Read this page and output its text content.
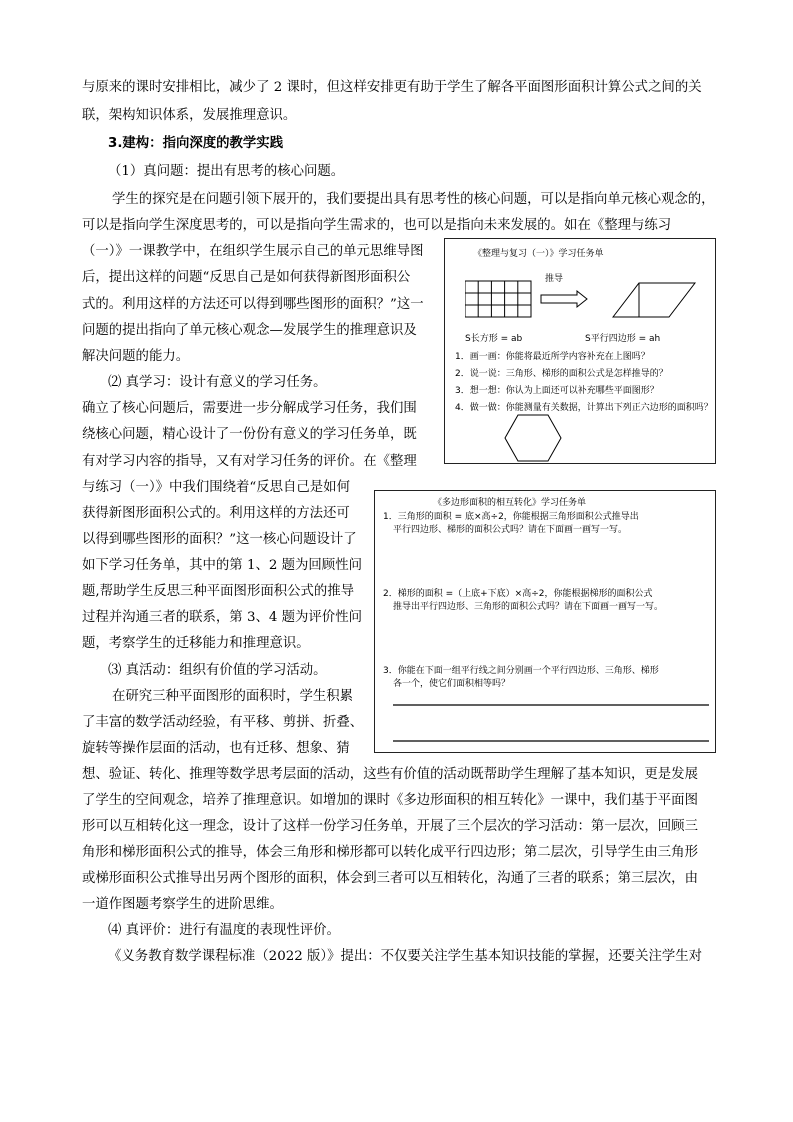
与原来的课时安排相比，减少了 2 课时，但这样安排更有助于学生了解各平面图形面积计算公式之间的关
联，架构知识体系，发展推理意识。
3.建构：指向深度的教学实践
（1）真问题：提出有思考的核心问题。
学生的探究是在问题引领下展开的，我们要提出具有思考性的核心问题，可以是指向单元核心观念的，
可以是指向学生深度思考的，可以是指向学生需求的，也可以是指向未来发展的。如在《整理与练习
（一）》一课教学中，在组织学生展示自己的单元思维导图
后，提出这样的问题“反思自己是如何获得新图形面积公
式的。利用这样的方法还可以得到哪些图形的面积？”这一
问题的提出指向了单元核心观念—发展学生的推理意识及
解决问题的能力。
⑵ 真学习：设计有意义的学习任务。
确立了核心问题后，需要进一步分解成学习任务，我们围
绕核心问题，精心设计了一份份有意义的学习任务单，既
有对学习内容的指导，又有对学习任务的评价。在《整理
与练习（一）》中我们围绕着“反思自己是如何
获得新图形面积公式的。利用这样的方法还可
以得到哪些图形的面积？”这一核心问题设计了
如下学习任务单，其中的第 1、2 题为回顾性问
题,帮助学生反思三种平面图形面积公式的推导
过程并沟通三者的联系，第 3、4 题为评价性问
题，考察学生的迁移能力和推理意识。
⑶ 真活动：组织有价值的学习活动。
在研究三种平面图形的面积时，学生积累
了丰富的数学活动经验，有平移、剪拼、折叠、
旋转等操作层面的活动，也有迁移、想象、猜
想、验证、转化、推理等数学思考层面的活动，这些有价值的活动既帮助学生理解了基本知识，更是发展
了学生的空间观念，培养了推理意识。如增加的课时《多边形面积的相互转化》一课中，我们基于平面图
形可以互相转化这一理念，设计了这样一份学习任务单，开展了三个层次的学习活动：第一层次，回顾三
角形和梯形面积公式的推导，体会三角形和梯形都可以转化成平行四边形；第二层次，引导学生由三角形
或梯形面积公式推导出另两个图形的面积，体会到三者可以互相转化，沟通了三者的联系；第三层次，由
一道作图题考察学生的进阶思维。
⑷ 真评价：进行有温度的表现性评价。
《义务教育数学课程标准（2022 版）》提出：不仅要关注学生基本知识技能的掌握，还要关注学生对
《整理与复习（一）》学习任务单
推导
S长方形 = ab	S平行四边形 = ah
1．画一画：你能将最近所学内容补充在上图吗？
2．说一说：三角形、梯形的面积公式是怎样推导的？
3．想一想：你认为上面还可以补充哪些平面图形？
4．做一做：你能测量有关数据，计算出下列正六边形的面积吗？
《多边形面积的相互转化》学习任务单
1．三角形的面积 = 底×高÷2，你能根据三角形面积公式推导出
平行四边形、梯形的面积公式吗？请在下面画一画写一写。
2．梯形的面积 =（上底+下底）×高÷2，你能根据梯形的面积公式
推导出平行四边形、三角形的面积公式吗？请在下面画一画写一写。
3．你能在下面一组平行线之间分别画一个平行四边形、三角形、梯形
各一个，使它们面积相等吗？
